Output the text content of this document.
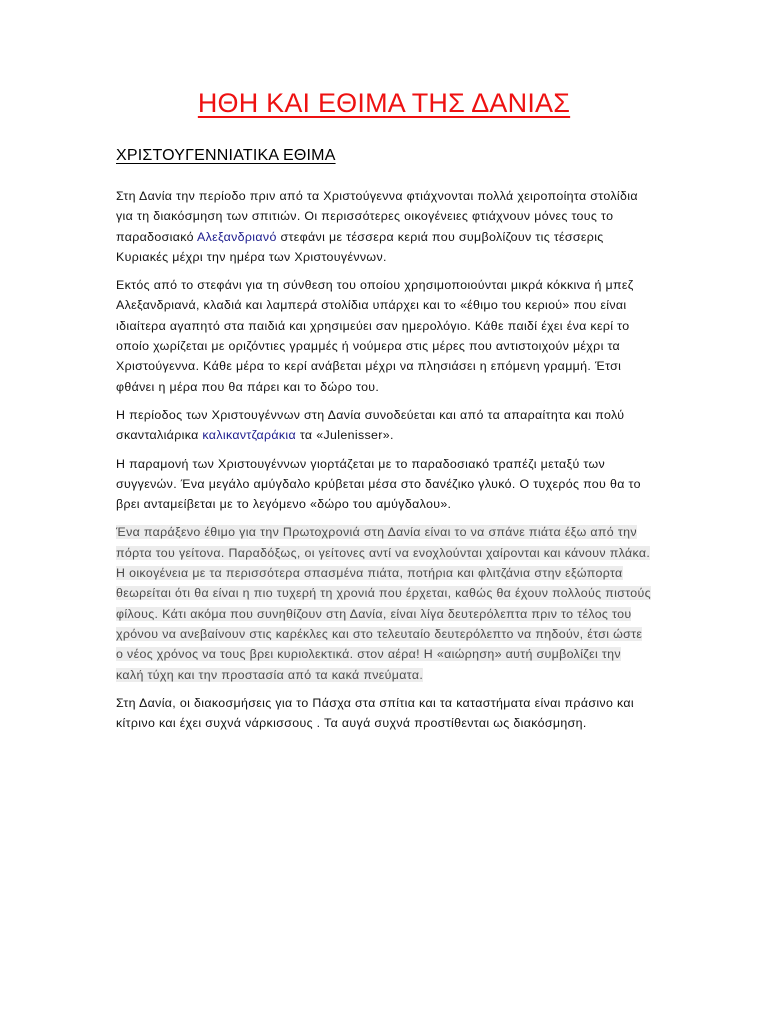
ΗΘΗ ΚΑΙ ΕΘΙΜΑ ΤΗΣ ΔΑΝΙΑΣ
ΧΡΙΣΤΟΥΓΕΝΝΙΑΤΙΚΑ ΕΘΙΜΑ

Στη Δανία την περίοδο πριν από τα Χριστούγεννα φτιάχνονται πολλά χειροποίητα στολίδια για τη διακόσμηση των σπιτιών. Οι περισσότερες οικογένειες φτιάχνουν μόνες τους το παραδοσιακό Αλεξανδριανό στεφάνι με τέσσερα κεριά που συμβολίζουν τις τέσσερις Κυριακές μέχρι την ημέρα των Χριστουγέννων.

Εκτός από το στεφάνι για τη σύνθεση του οποίου χρησιμοποιούνται μικρά κόκκινα ή μπεζ Αλεξανδριανά, κλαδιά και λαμπερά στολίδια υπάρχει και το «έθιμο του κεριού» που είναι ιδιαίτερα αγαπητό στα παιδιά και χρησιμεύει σαν ημερολόγιο. Κάθε παιδί έχει ένα κερί το οποίο χωρίζεται με οριζόντιες γραμμές ή νούμερα στις μέρες που αντιστοιχούν μέχρι τα Χριστούγεννα. Κάθε μέρα το κερί ανάβεται μέχρι να πλησιάσει η επόμενη γραμμή. Έτσι φθάνει η μέρα που θα πάρει και το δώρο του.

Η περίοδος των Χριστουγέννων στη Δανία συνοδεύεται και από τα απαραίτητα και πολύ σκανταλιάρικα καλικαντζαράκια τα «Julenisser».

Η παραμονή των Χριστουγέννων γιορτάζεται με το παραδοσιακό τραπέζι μεταξύ των συγγενών. Ένα μεγάλο αμύγδαλο κρύβεται μέσα στο δανέζικο γλυκό. Ο τυχερός που θα το βρει ανταμείβεται με το λεγόμενο «δώρο του αμύγδαλου».

Ένα παράξενο έθιμο για την Πρωτοχρονιά στη Δανία είναι το να σπάνε πιάτα έξω από την πόρτα του γείτονα. Παραδόξως, οι γείτονες αντί να ενοχλούνται χαίρονται και κάνουν πλάκα. Η οικογένεια με τα περισσότερα σπασμένα πιάτα, ποτήρια και φλιτζάνια στην εξώπορτα θεωρείται ότι θα είναι η πιο τυχερή τη χρονιά που έρχεται, καθώς θα έχουν πολλούς πιστούς φίλους. Κάτι ακόμα που συνηθίζουν στη Δανία, είναι λίγα δευτερόλεπτα πριν το τέλος του χρόνου να ανεβαίνουν στις καρέκλες και στο τελευταίο δευτερόλεπτο να πηδούν, έτσι ώστε ο νέος χρόνος να τους βρει κυριολεκτικά. στον αέρα! Η «αιώρηση» αυτή συμβολίζει την καλή τύχη και την προστασία από τα κακά πνεύματα.

Στη Δανία, οι διακοσμήσεις για το Πάσχα στα σπίτια και τα καταστήματα είναι πράσινο και κίτρινο και έχει συχνά νάρκισσους . Τα αυγά συχνά προστίθενται ως διακόσμηση.
